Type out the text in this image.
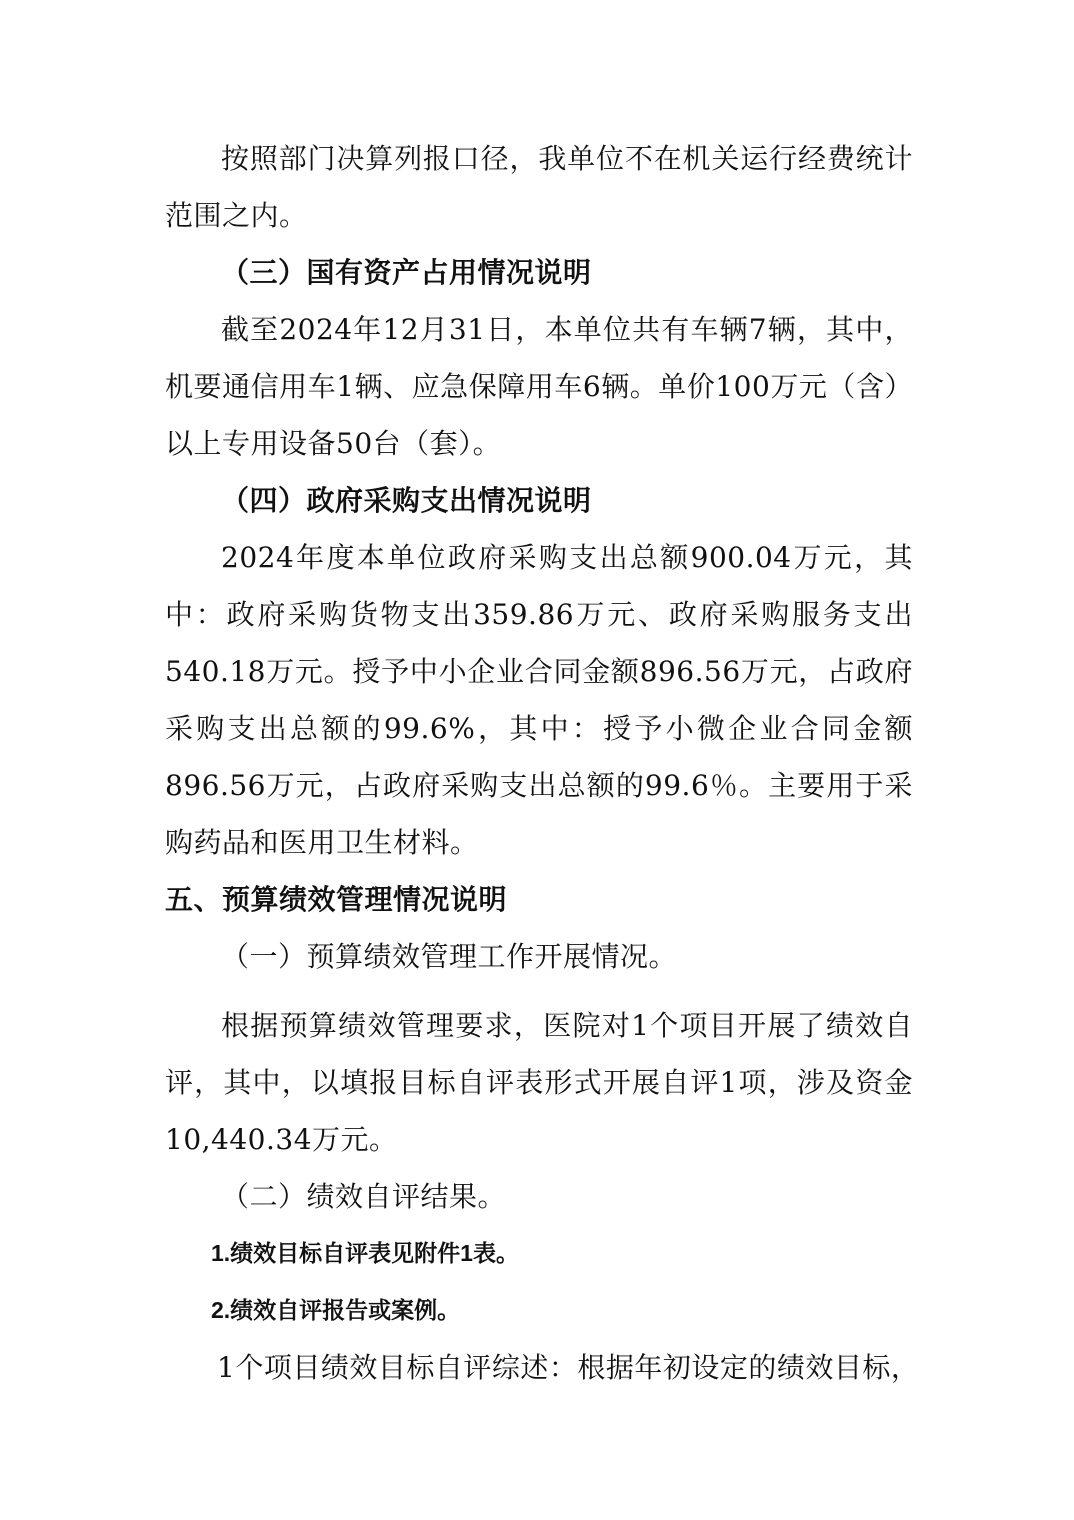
按照部门决算列报口径，我单位不在机关运行经费统计范围之内。

（三）国有资产占用情况说明

截至2024年12月31日，本单位共有车辆7辆，其中，机要通信用车1辆、应急保障用车6辆。单价100万元（含）以上专用设备50台（套）。

（四）政府采购支出情况说明

2024年度本单位政府采购支出总额900.04万元，其中：政府采购货物支出359.86万元、政府采购服务支出540.18万元。授予中小企业合同金额896.56万元，占政府采购支出总额的99.6%，其中：授予小微企业合同金额896.56万元，占政府采购支出总额的99.6％。主要用于采购药品和医用卫生材料。

五、预算绩效管理情况说明

（一）预算绩效管理工作开展情况。

根据预算绩效管理要求，医院对1个项目开展了绩效自评，其中，以填报目标自评表形式开展自评1项，涉及资金10,440.34万元。

（二）绩效自评结果。

1.绩效目标自评表见附件1表。

2.绩效自评报告或案例。

1个项目绩效目标自评综述：根据年初设定的绩效目标，
